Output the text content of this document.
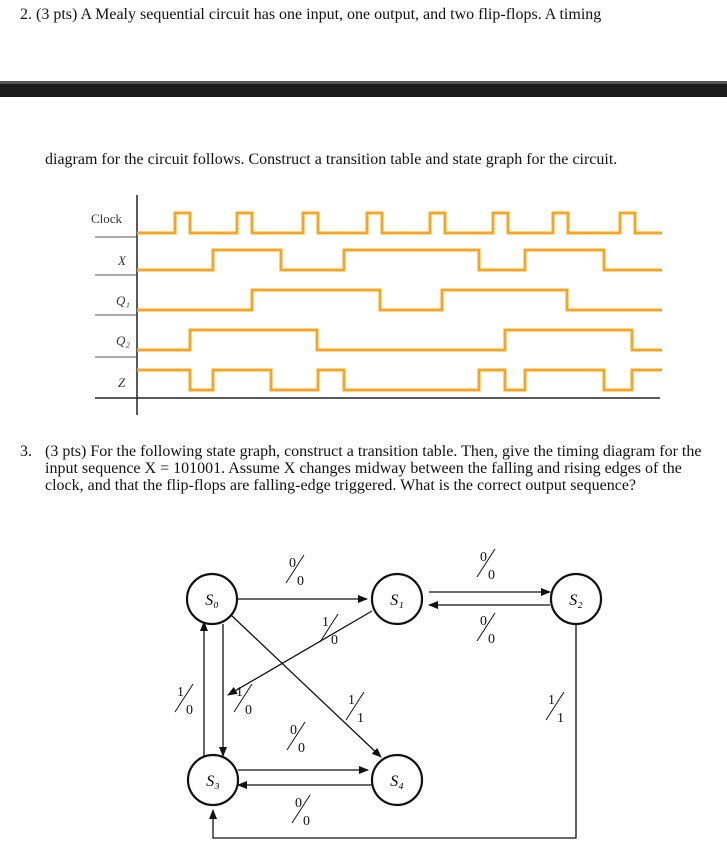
2. (3 pts) A Mealy sequential circuit has one input, one output, and two flip-flops. A timing
diagram for the circuit follows. Construct a transition table and state graph for the circuit.
Clock
X
Q₁
Q₂
Z
3. (3 pts) For the following state graph, construct a transition table. Then, give the timing diagram for the input sequence X = 101001. Assume X changes midway between the falling and rising edges of the clock, and that the flip-flops are falling-edge triggered. What is the correct output sequence?
S₀	S₁	S₂
S₃	S₄
0
0
1
0
0
0
0
0
1
0
1
0
1
1
0
0
0
0
1
1
